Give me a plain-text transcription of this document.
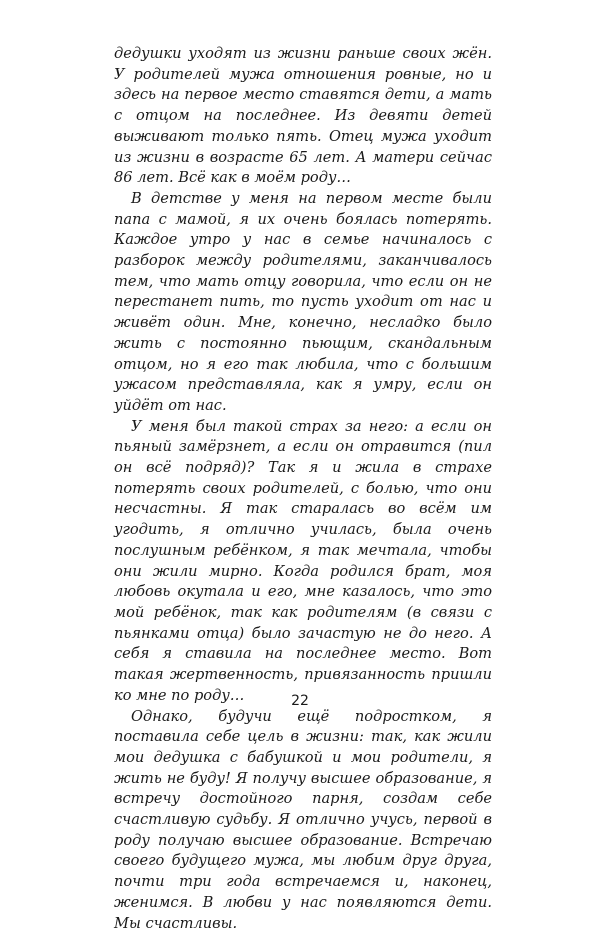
дедушки уходят из жизни раньше своих жён. У родителей мужа отношения ровные, но и здесь на первое место ставятся дети, а мать с отцом на последнее. Из девяти детей выживают только пять. Отец мужа уходит из жизни в возрасте 65 лет. А матери сейчас 86 лет. Всё как в моём роду…

В детстве у меня на первом месте были папа с мамой, я их очень боялась потерять. Каждое утро у нас в семье начиналось с разборок между родителями, заканчивалось тем, что мать отцу говорила, что если он не перестанет пить, то пусть уходит от нас и живёт один. Мне, конечно, несладко было жить с постоянно пьющим, скандальным отцом, но я его так любила, что с большим ужасом представляла, как я умру, если он уйдёт от нас.

У меня был такой страх за него: а если он пьяный замёрзнет, а если он отравится (пил он всё подряд)? Так я и жила в страхе потерять своих родителей, с болью, что они несчастны. Я так старалась во всём им угодить, я отлично училась, была очень послушным ребёнком, я так мечтала, чтобы они жили мирно. Когда родился брат, моя любовь окутала и его, мне казалось, что это мой ребёнок, так как родителям (в связи с пьянками отца) было зачастую не до него. А себя я ставила на последнее место. Вот такая жертвенность, привязанность пришли ко мне по роду…

Однако, будучи ещё подростком, я поставила себе цель в жизни: так, как жили мои дедушка с бабушкой и мои родители, я жить не буду! Я получу высшее образование, я встречу достойного парня, создам себе счастливую судьбу. Я отлично учусь, первой в роду получаю высшее образование. Встречаю своего будущего мужа, мы любим друг друга, почти три года встречаемся и, наконец, женимся. В любви у нас появляются дети. Мы счастливы.

22
